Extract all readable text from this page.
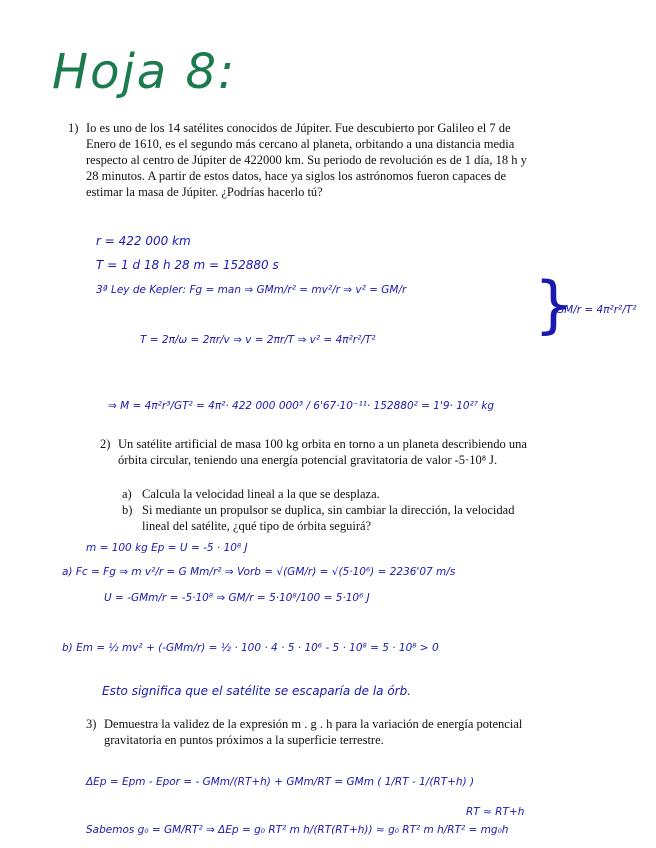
Hoja 8:
1) Io es uno de los 14 satélites conocidos de Júpiter. Fue descubierto por Galileo el 7 de Enero de 1610, es el segundo más cercano al planeta, orbitando a una distancia media respecto al centro de Júpiter de 422000 km. Su periodo de revolución es de 1 día, 18 h y 28 minutos. A partir de estos datos, hace ya siglos los astrónomos fueron capaces de estimar la masa de Júpiter. ¿Podrías hacerlo tú?
r = 422 000 km
T = 1 d 18 h 28 m = 152880 s
3ª Ley de Kepler: Fg = man ⇒ GMm/r² = mv²/r ⇒ v² = GM/r
T = 2π/ω = 2πr/v ⇒ v = 2πr/T ⇒ v² = 4π²r²/T²	}
GM/r = 4π²r²/T²
⇒ M = 4π²r³/GT² = 4π²· 422 000 000³ / 6'67·10⁻¹¹· 152880² = 1'9· 10²⁷ kg
2) Un satélite artificial de masa 100 kg orbita en torno a un planeta describiendo una órbita circular, teniendo una energía potencial gravitatoria de valor -5·10⁸ J.
a) Calcula la velocidad lineal a la que se desplaza.
b) Si mediante un propulsor se duplica, sin cambiar la dirección, la velocidad lineal del satélite, ¿qué tipo de órbita seguirá?
m = 100 kg Ep = U = -5 · 10⁸ J
a) Fc = Fg ⇒ m v²/r = G Mm/r² ⇒ Vorb = √(GM/r) = √(5·10⁶) = 2236'07 m/s
U = -GMm/r = -5·10⁸ ⇒ GM/r = 5·10⁸/100 = 5·10⁶ J
b) Em = ½ mv² + (-GMm/r) = ½ · 100 · 4 · 5 · 10⁶ - 5 · 10⁸ = 5 · 10⁸ > 0
Esto significa que el satélite se escaparía de la órb.
3) Demuestra la validez de la expresión m . g . h para la variación de energía potencial gravitatoria en puntos próximos a la superficie terrestre.
ΔEp = Epm - Epor = - GMm/(RT+h) + GMm/RT = GMm ( 1/RT - 1/(RT+h) )
RT ≈ RT+h
Sabemos g₀ = GM/RT² ⇒ ΔEp = g₀ RT² m h/(RT(RT+h)) ≈ g₀ RT² m h/RT² = mg₀h
